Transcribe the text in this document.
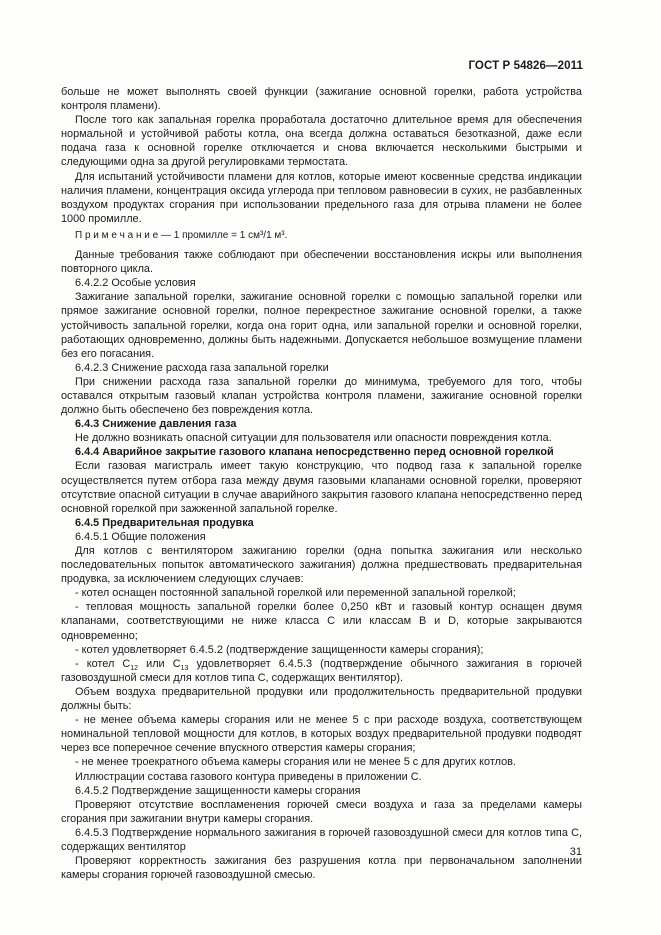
ГОСТ Р 54826—2011

больше не может выполнять своей функции (зажигание основной горелки, работа устройства контроля пламени).

После того как запальная горелка проработала достаточно длительное время для обеспечения нормальной и устойчивой работы котла, она всегда должна оставаться безотказной, даже если подача газа к основной горелке отключается и снова включается несколькими быстрыми и следующими одна за другой регулировками термостата.

Для испытаний устойчивости пламени для котлов, которые имеют косвенные средства индикации наличия пламени, концентрация оксида углерода при тепловом равновесии в сухих, не разбавленных воздухом продуктах сгорания при использовании предельного газа для отрыва пламени не более 1000 промилле.

П р и м е ч а н и е — 1 промилле = 1 см³/1 м³.

Данные требования также соблюдают при обеспечении восстановления искры или выполнения повторного цикла.

6.4.2.2 Особые условия

Зажигание запальной горелки, зажигание основной горелки с помощью запальной горелки или прямое зажигание основной горелки, полное перекрестное зажигание основной горелки, а также устойчивость запальной горелки, когда она горит одна, или запальной горелки и основной горелки, работающих одновременно, должны быть надежными. Допускается небольшое возмущение пламени без его погасания.

6.4.2.3 Снижение расхода газа запальной горелки

При снижении расхода газа запальной горелки до минимума, требуемого для того, чтобы оставался открытым газовый клапан устройства контроля пламени, зажигание основной горелки должно быть обеспечено без повреждения котла.

6.4.3 Снижение давления газа

Не должно возникать опасной ситуации для пользователя или опасности повреждения котла.

6.4.4 Аварийное закрытие газового клапана непосредственно перед основной горелкой

Если газовая магистраль имеет такую конструкцию, что подвод газа к запальной горелке осуществляется путем отбора газа между двумя газовыми клапанами основной горелки, проверяют отсутствие опасной ситуации в случае аварийного закрытия газового клапана непосредственно перед основной горелкой при зажженной запальной горелке.

6.4.5 Предварительная продувка

6.4.5.1 Общие положения

Для котлов с вентилятором зажиганию горелки (одна попытка зажигания или несколько последовательных попыток автоматического зажигания) должна предшествовать предварительная продувка, за исключением следующих случаев:

- котел оснащен постоянной запальной горелкой или переменной запальной горелкой;

- тепловая мощность запальной горелки более 0,250 кВт и газовый контур оснащен двумя клапанами, соответствующими не ниже класса С или классам В и D, которые закрываются одновременно;

- котел удовлетворяет 6.4.5.2 (подтверждение защищенности камеры сгорания);

- котел $С_{12}$ или $С_{13}$ удовлетворяет 6.4.5.3 (подтверждение обычного зажигания в горючей газовоздушной смеси для котлов типа С, содержащих вентилятор).

Объем воздуха предварительной продувки или продолжительность предварительной продувки должны быть:

- не менее объема камеры сгорания или не менее 5 с при расходе воздуха, соответствующем номинальной тепловой мощности для котлов, в которых воздух предварительной продувки подводят через все поперечное сечение впускного отверстия камеры сгорания;

- не менее троекратного объема камеры сгорания или не менее 5 с для других котлов.

Иллюстрации состава газового контура приведены в приложении С.

6.4.5.2 Подтверждение защищенности камеры сгорания

Проверяют отсутствие воспламенения горючей смеси воздуха и газа за пределами камеры сгорания при зажигании внутри камеры сгорания.

6.4.5.3 Подтверждение нормального зажигания в горючей газовоздушной смеси для котлов типа С, содержащих вентилятор

Проверяют корректность зажигания без разрушения котла при первоначальном заполнении камеры сгорания горючей газовоздушной смесью.

31
